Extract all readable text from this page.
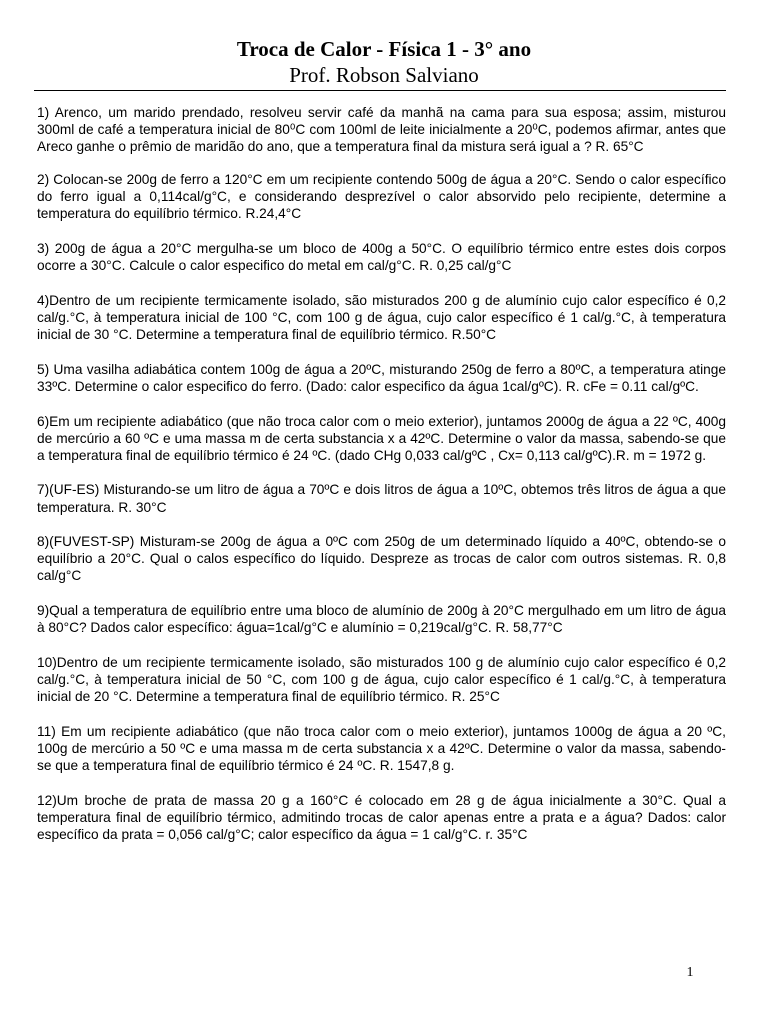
Troca de Calor - Física 1 - 3° ano

Prof. Robson Salviano

1) Arenco, um marido prendado, resolveu servir café da manhã na cama para sua esposa; assim, misturou 300ml de café a temperatura inicial de 80⁰C com 100ml de leite inicialmente a 20⁰C, podemos afirmar, antes que Areco ganhe o prêmio de maridão do ano, que a temperatura final da mistura será igual a ? R. 65°C

2) Colocan-se 200g de ferro a 120°C em um recipiente contendo 500g de água a 20°C. Sendo o calor específico do ferro igual a 0,114cal/g°C, e considerando desprezível o calor absorvido pelo recipiente, determine a temperatura do equilíbrio térmico. R.24,4°C

3) 200g de água a 20°C mergulha-se um bloco de 400g a 50°C. O equilíbrio térmico entre estes dois corpos ocorre a 30°C. Calcule o calor especifico do metal em cal/g°C. R. 0,25 cal/g°C

4)Dentro de um recipiente termicamente isolado, são misturados 200 g de alumínio cujo calor específico é 0,2 cal/g.°C, à temperatura inicial de 100 °C, com 100 g de água, cujo calor específico é 1 cal/g.°C, à temperatura inicial de 30 °C. Determine a temperatura final de equilíbrio térmico. R.50°C

5) Uma vasilha adiabática contem 100g de água a 20ºC, misturando 250g de ferro a 80ºC, a temperatura atinge 33ºC. Determine o calor especifico do ferro. (Dado: calor especifico da água 1cal/gºC). R. cFe = 0.11 cal/gºC.

6)Em um recipiente adiabático (que não troca calor com o meio exterior), juntamos 2000g de água a 22 ºC, 400g de mercúrio a 60 ºC e uma massa m de certa substancia x a 42ºC. Determine o valor da massa, sabendo-se que a temperatura final de equilíbrio térmico é 24 ºC. (dado CHg 0,033 cal/gºC , Cx= 0,113 cal/gºC).R. m = 1972 g.

7)(UF-ES) Misturando-se um litro de água a 70ºC e dois litros de água a 10ºC, obtemos três litros de água a que temperatura. R. 30°C

8)(FUVEST-SP) Misturam-se 200g de água a 0ºC com 250g de um determinado líquido a 40ºC, obtendo-se o equilíbrio a 20°C. Qual o calos específico do líquido. Despreze as trocas de calor com outros sistemas. R. 0,8 cal/g°C

9)Qual a temperatura de equilíbrio entre uma bloco de alumínio de 200g à 20°C mergulhado em um litro de água à 80°C? Dados calor específico: água=1cal/g°C e alumínio = 0,219cal/g°C. R. 58,77°C

10)Dentro de um recipiente termicamente isolado, são misturados 100 g de alumínio cujo calor específico é 0,2 cal/g.°C, à temperatura inicial de 50 °C, com 100 g de água, cujo calor específico é 1 cal/g.°C, à temperatura inicial de 20 °C. Determine a temperatura final de equilíbrio térmico. R. 25°C

11) Em um recipiente adiabático (que não troca calor com o meio exterior), juntamos 1000g de água a 20 ºC, 100g de mercúrio a 50 ºC e uma massa m de certa substancia x a 42ºC. Determine o valor da massa, sabendo-se que a temperatura final de equilíbrio térmico é 24 ºC. R. 1547,8 g.

12)Um broche de prata de massa 20 g a 160°C é colocado em 28 g de água inicialmente a 30°C. Qual a temperatura final de equilíbrio térmico, admitindo trocas de calor apenas entre a prata e a água? Dados: calor específico da prata = 0,056 cal/g°C; calor específico da água = 1 cal/g°C. r. 35°C

1
